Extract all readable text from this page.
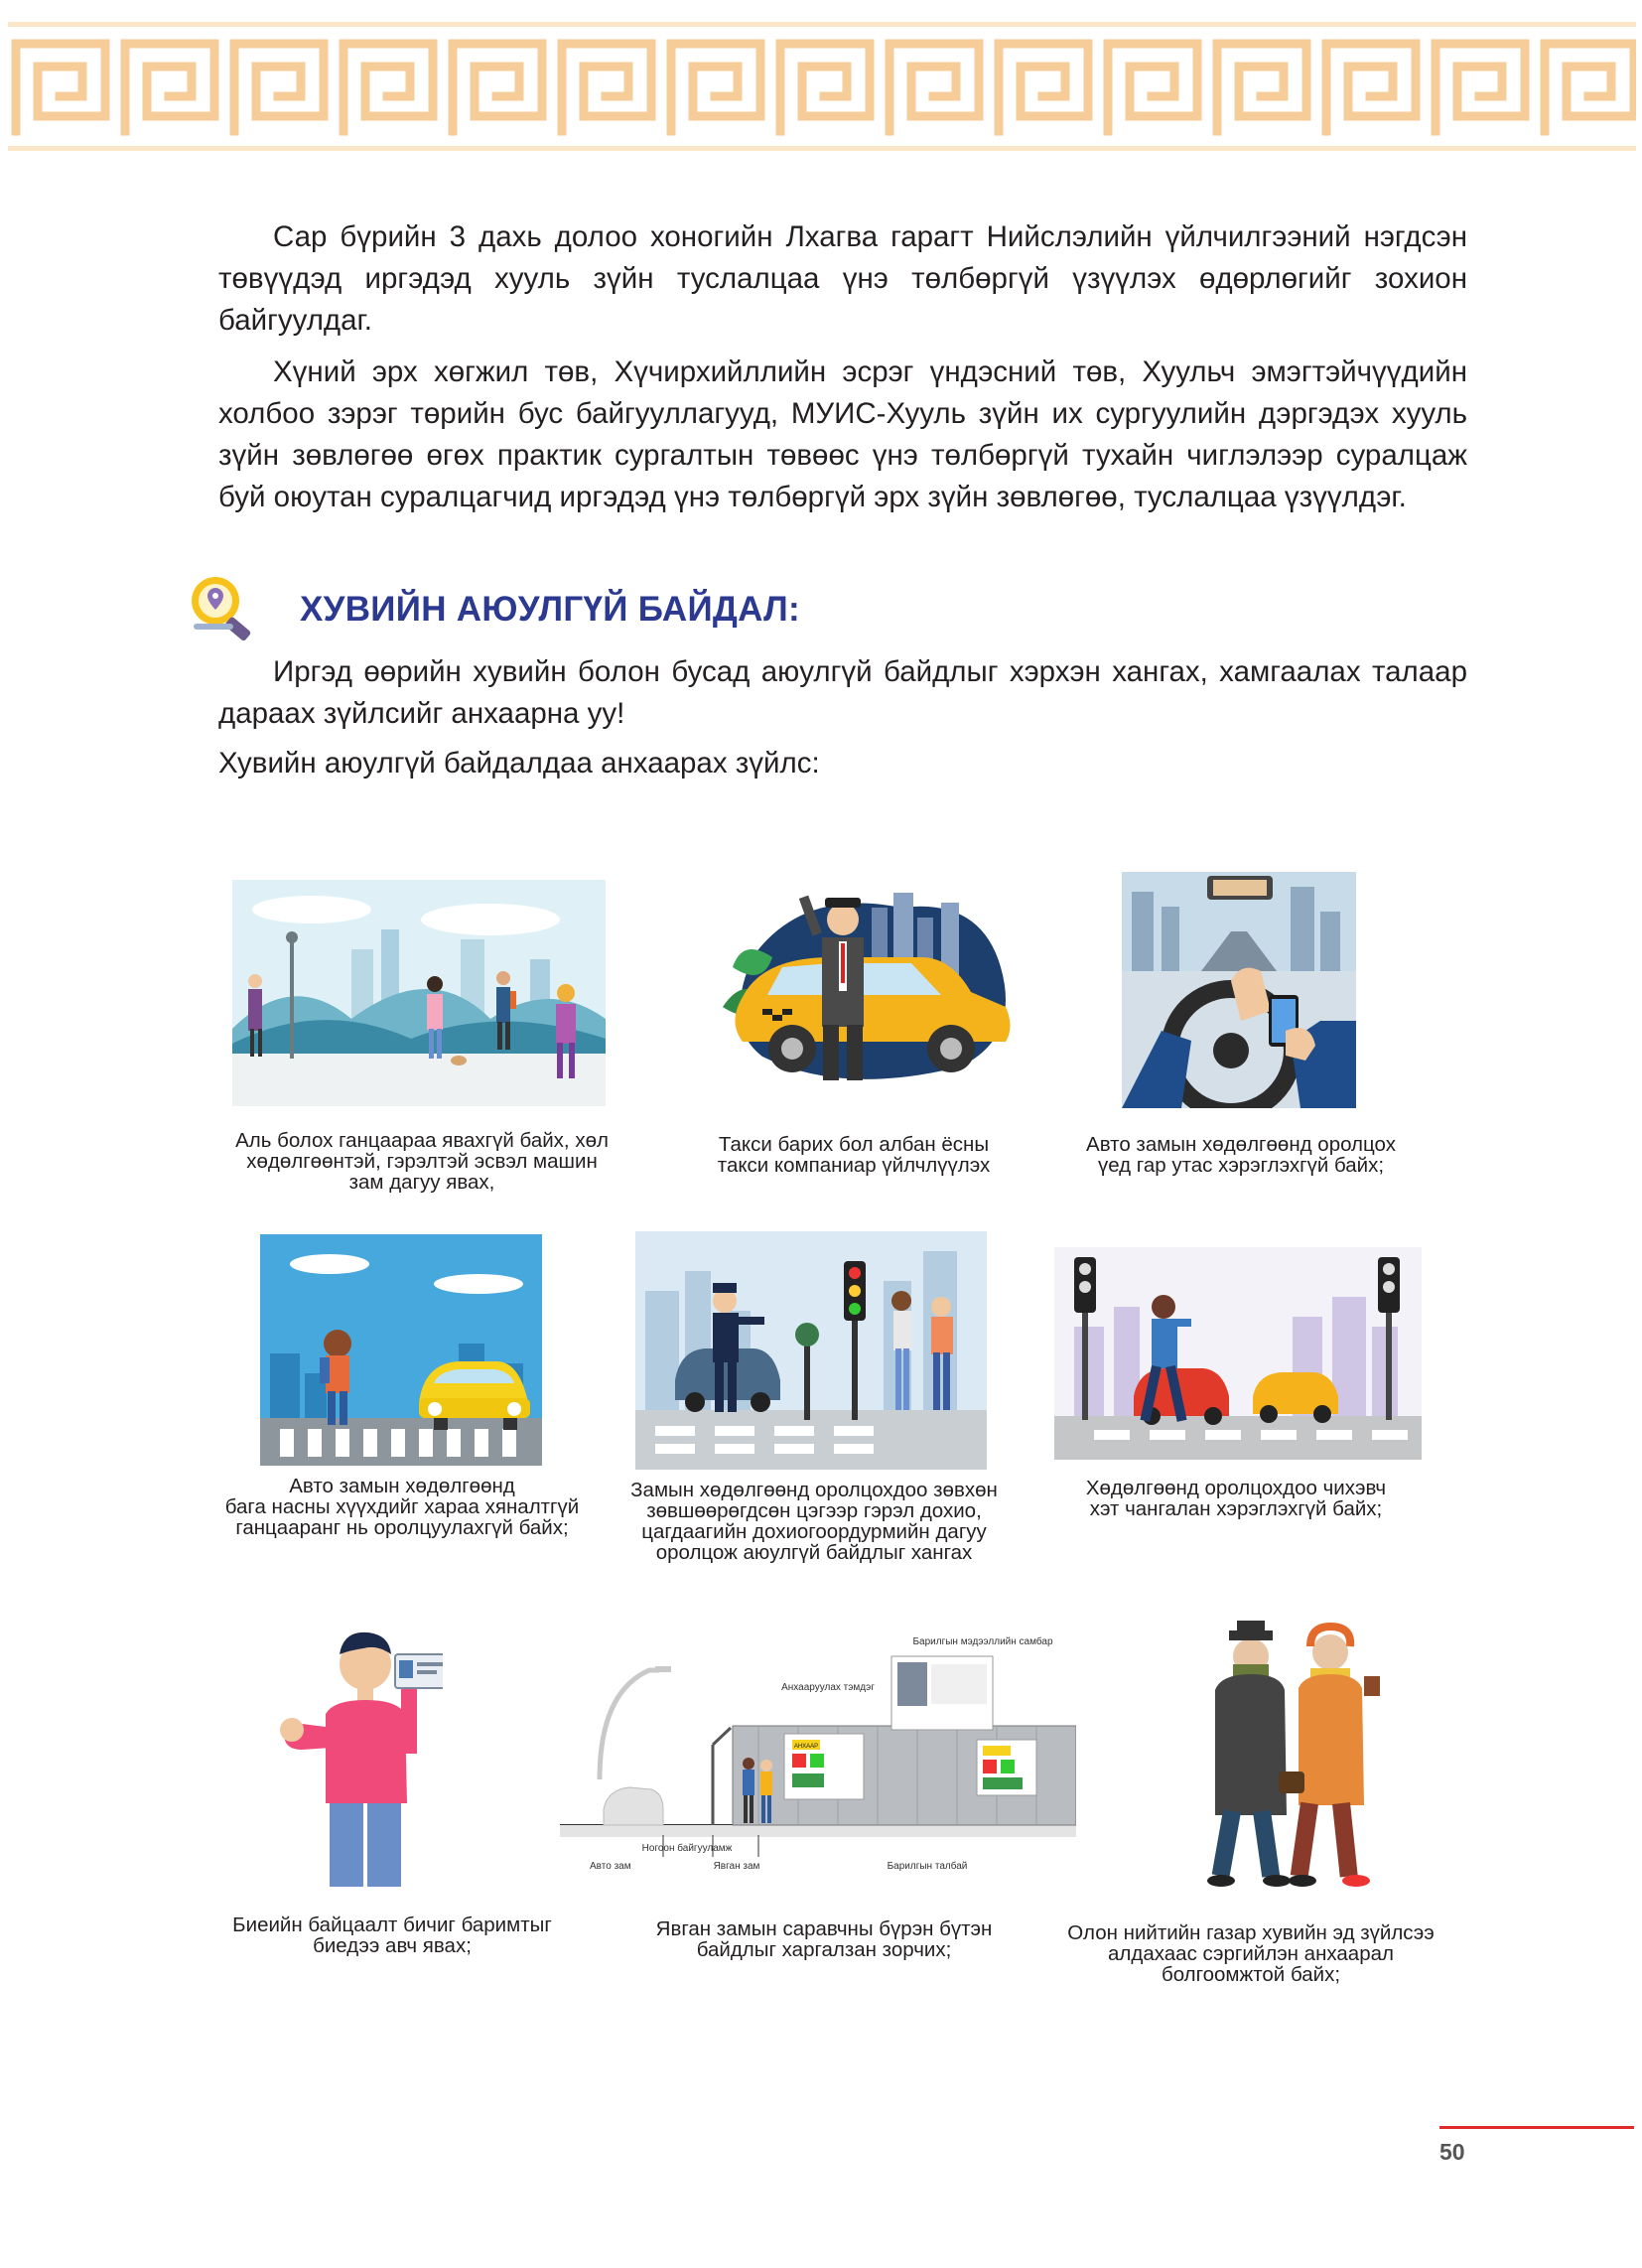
Сар бүрийн 3 дахь долоо хоногийн Лхагва гарагт Нийслэлийн үйлчилгээний нэгдсэн төвүүдэд иргэдэд хууль зүйн туслалцаа үнэ төлбөргүй үзүүлэх өдөрлөгийг зохион байгуулдаг.

Хүний эрх хөгжил төв, Хүчирхийллийн эсрэг үндэсний төв, Хуульч эмэгтэйчүүдийн холбоо зэрэг төрийн бус байгууллагууд, МУИС-Хууль зүйн их сургуулийн дэргэдэх хууль зүйн зөвлөгөө өгөх практик сургалтын төвөөс үнэ төлбөргүй тухайн чиглэлээр суралцаж буй оюутан суралцагчид иргэдэд үнэ төлбөргүй эрх зүйн зөвлөгөө, туслалцаа үзүүлдэг.

ХУВИЙН АЮУЛГҮЙ БАЙДАЛ:

Иргэд өөрийн хувийн болон бусад аюулгүй байдлыг хэрхэн хангах, хамгаалах талаар дараах зүйлсийг анхаарна уу!

Хувийн аюулгүй байдалдаа анхаарах зүйлс:

Аль болох ганцаараа явахгүй байх, хөл
хөдөлгөөнтэй, гэрэлтэй эсвэл машин
зам дагуу явах,
Такси барих бол албан ёсны
такси компаниар үйлчлүүлэх
Авто замын хөдөлгөөнд оролцох
үед гар утас хэрэглэхгүй байх;
Авто замын хөдөлгөөнд
бага насны хүүхдийг хараа хяналтгүй
ганцааранг нь оролцуулахгүй байх;
Замын хөдөлгөөнд оролцохдоо зөвхөн
зөвшөөрөгдсөн цэгээр гэрэл дохио,
цагдаагийн дохиогоордурмийн дагуу
оролцож аюулгүй байдлыг хангах
Хөдөлгөөнд оролцохдоо чихэвч
хэт чангалан хэрэглэхгүй байх;
АНХААР
Барилгын мэдээллийн самбар
Анхааруулах тэмдэг
Авто зам
Ногоон байгууламж
Явган зам	Барилгын талбай
Биеийн байцаалт бичиг баримтыг
биедээ авч явах;
Явган замын саравчны бүрэн бүтэн
байдлыг харгалзан зорчих;
Олон нийтийн газар хувийн эд зүйлсээ
алдахаас сэргийлэн анхаарал
болгоомжтой байх;
50
